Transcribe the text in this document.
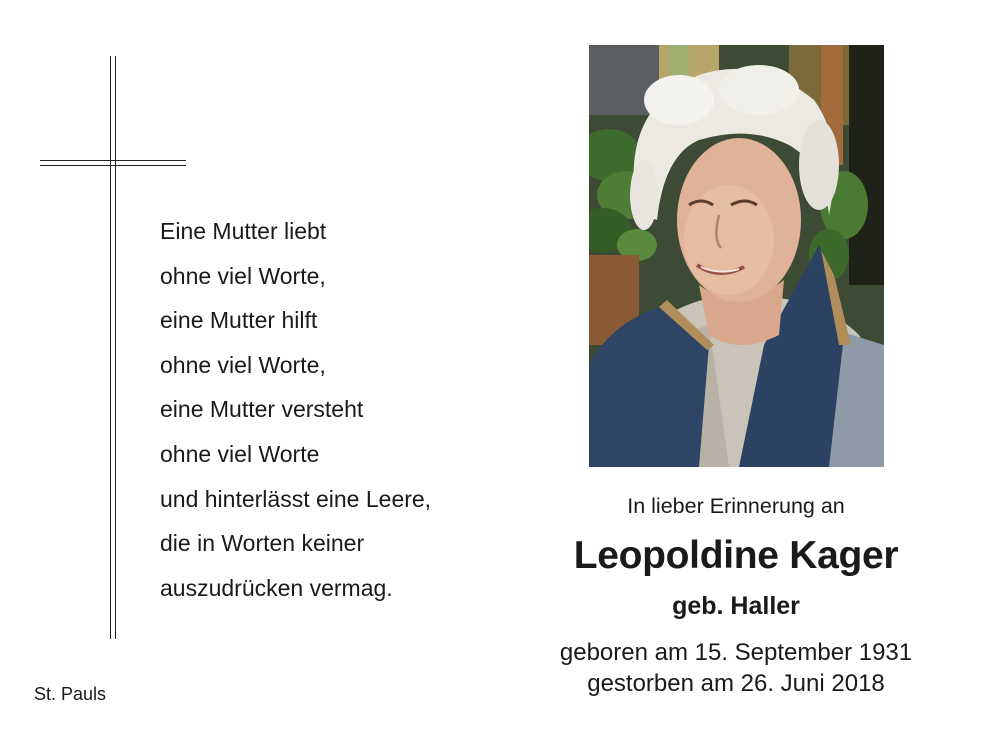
Eine Mutter liebt
ohne viel Worte,
eine Mutter hilft
ohne viel Worte,
eine Mutter versteht
ohne viel Worte
und hinterlässt eine Leere,
die in Worten keiner
auszudrücken vermag.
St. Pauls
In lieber Erinnerung an
Leopoldine Kager
geb. Haller
geboren am 15. September 1931
gestorben am 26. Juni 2018
